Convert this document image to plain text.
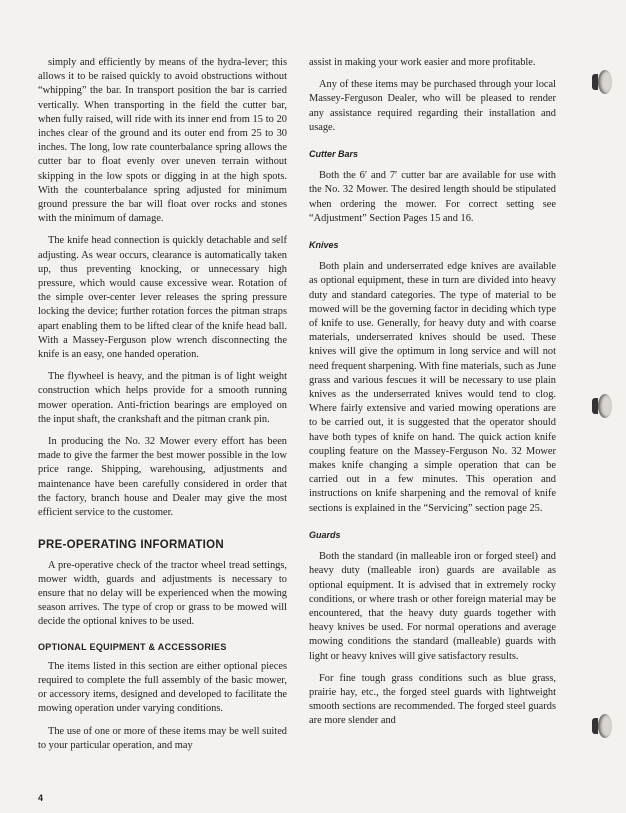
simply and efficiently by means of the hydra-lever; this allows it to be raised quickly to avoid obstructions without “whipping” the bar. In transport position the bar is carried vertically. When transporting in the field the cutter bar, when fully raised, will ride with its inner end from 15 to 20 inches clear of the ground and its outer end from 25 to 30 inches. The long, low rate counterbalance spring allows the cutter bar to float evenly over uneven terrain without skipping in the low spots or digging in at the high spots. With the counterbalance spring adjusted for minimum ground pressure the bar will float over rocks and stones with the minimum of damage.

The knife head connection is quickly detachable and self adjusting. As wear occurs, clearance is automatically taken up, thus preventing knocking, or unnecessary high pressure, which would cause excessive wear. Rotation of the simple over-center lever releases the spring pressure locking the device; further rotation forces the pitman straps apart enabling them to be lifted clear of the knife head ball. With a Massey-Ferguson plow wrench disconnecting the knife is an easy, one handed operation.

The flywheel is heavy, and the pitman is of light weight construction which helps provide for a smooth running mower operation. Anti-friction bearings are employed on the input shaft, the crankshaft and the pitman crank pin.

In producing the No. 32 Mower every effort has been made to give the farmer the best mower possible in the low price range. Shipping, warehousing, adjustments and maintenance have been carefully considered in order that the factory, branch house and Dealer may give the most efficient service to the customer.

PRE-OPERATING INFORMATION

A pre-operative check of the tractor wheel tread settings, mower width, guards and adjustments is necessary to ensure that no delay will be experienced when the mowing season arrives. The type of crop or grass to be mowed will decide the optional knives to be used.

OPTIONAL EQUIPMENT & ACCESSORIES

The items listed in this section are either optional pieces required to complete the full assembly of the basic mower, or accessory items, designed and developed to facilitate the mowing operation under varying conditions.

The use of one or more of these items may be well suited to your particular operation, and may

assist in making your work easier and more profitable.

Any of these items may be purchased through your local Massey-Ferguson Dealer, who will be pleased to render any assistance required regarding their installation and usage.

Cutter Bars

Both the 6′ and 7′ cutter bar are available for use with the No. 32 Mower. The desired length should be stipulated when ordering the mower. For correct setting see “Adjustment” Section Pages 15 and 16.

Knives

Both plain and underserrated edge knives are available as optional equipment, these in turn are divided into heavy duty and standard categories. The type of material to be mowed will be the governing factor in deciding which type of knife to use. Generally, for heavy duty and with coarse materials, underserrated knives should be used. These knives will give the optimum in long service and will not need frequent sharpening. With fine materials, such as June grass and various fescues it will be necessary to use plain knives as the underserrated knives would tend to clog. Where fairly extensive and varied mowing operations are to be carried out, it is suggested that the operator should have both types of knife on hand. The quick action knife coupling feature on the Massey-Ferguson No. 32 Mower makes knife changing a simple operation that can be carried out in a few minutes. This operation and instructions on knife sharpening and the removal of knife sections is explained in the “Servicing” section page 25.

Guards

Both the standard (in malleable iron or forged steel) and heavy duty (malleable iron) guards are available as optional equipment. It is advised that in extremely rocky conditions, or where trash or other foreign material may be encountered, that the heavy duty guards together with heavy knives be used. For normal operations and average mowing conditions the standard (malleable) guards with light or heavy knives will give satisfactory results.

For fine tough grass conditions such as blue grass, prairie hay, etc., the forged steel guards with lightweight smooth sections are recommended. The forged steel guards are more slender and

4
